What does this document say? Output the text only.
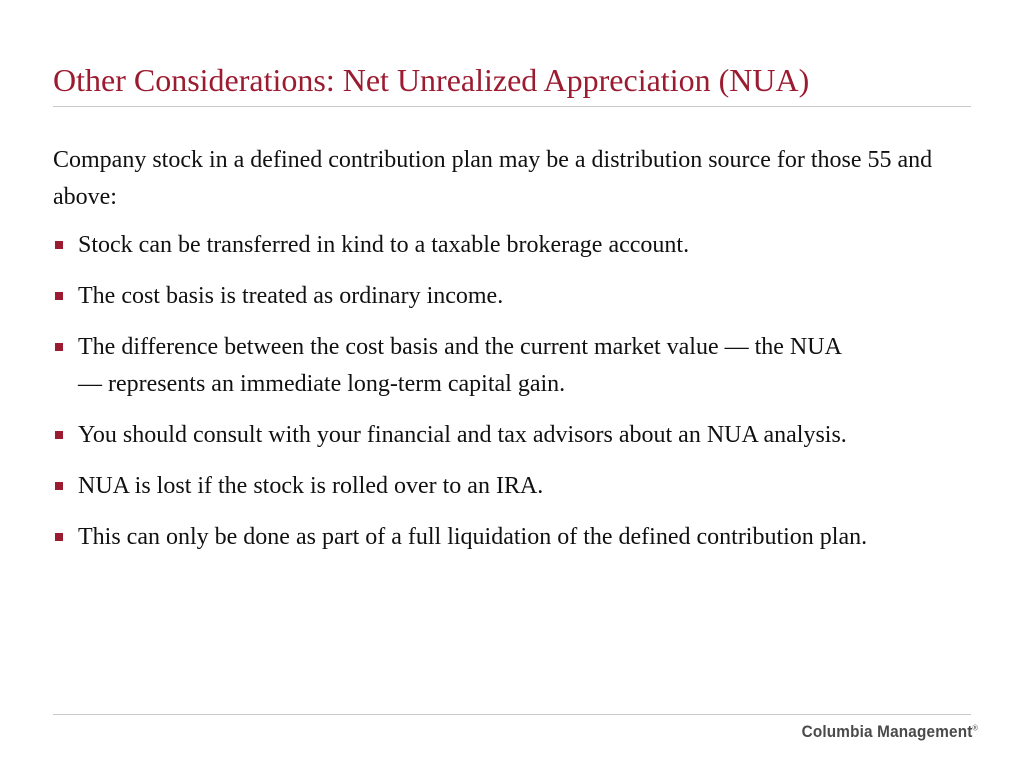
Other Considerations: Net Unrealized Appreciation (NUA)

Company stock in a defined contribution plan may be a distribution source for those 55 and above:

Stock can be transferred in kind to a taxable brokerage account.
The cost basis is treated as ordinary income.
The difference between the cost basis and the current market value — the NUA — represents an immediate long-term capital gain.
You should consult with your financial and tax advisors about an NUA analysis.
NUA is lost if the stock is rolled over to an IRA.
This can only be done as part of a full liquidation of the defined contribution plan.
Columbia Management®
